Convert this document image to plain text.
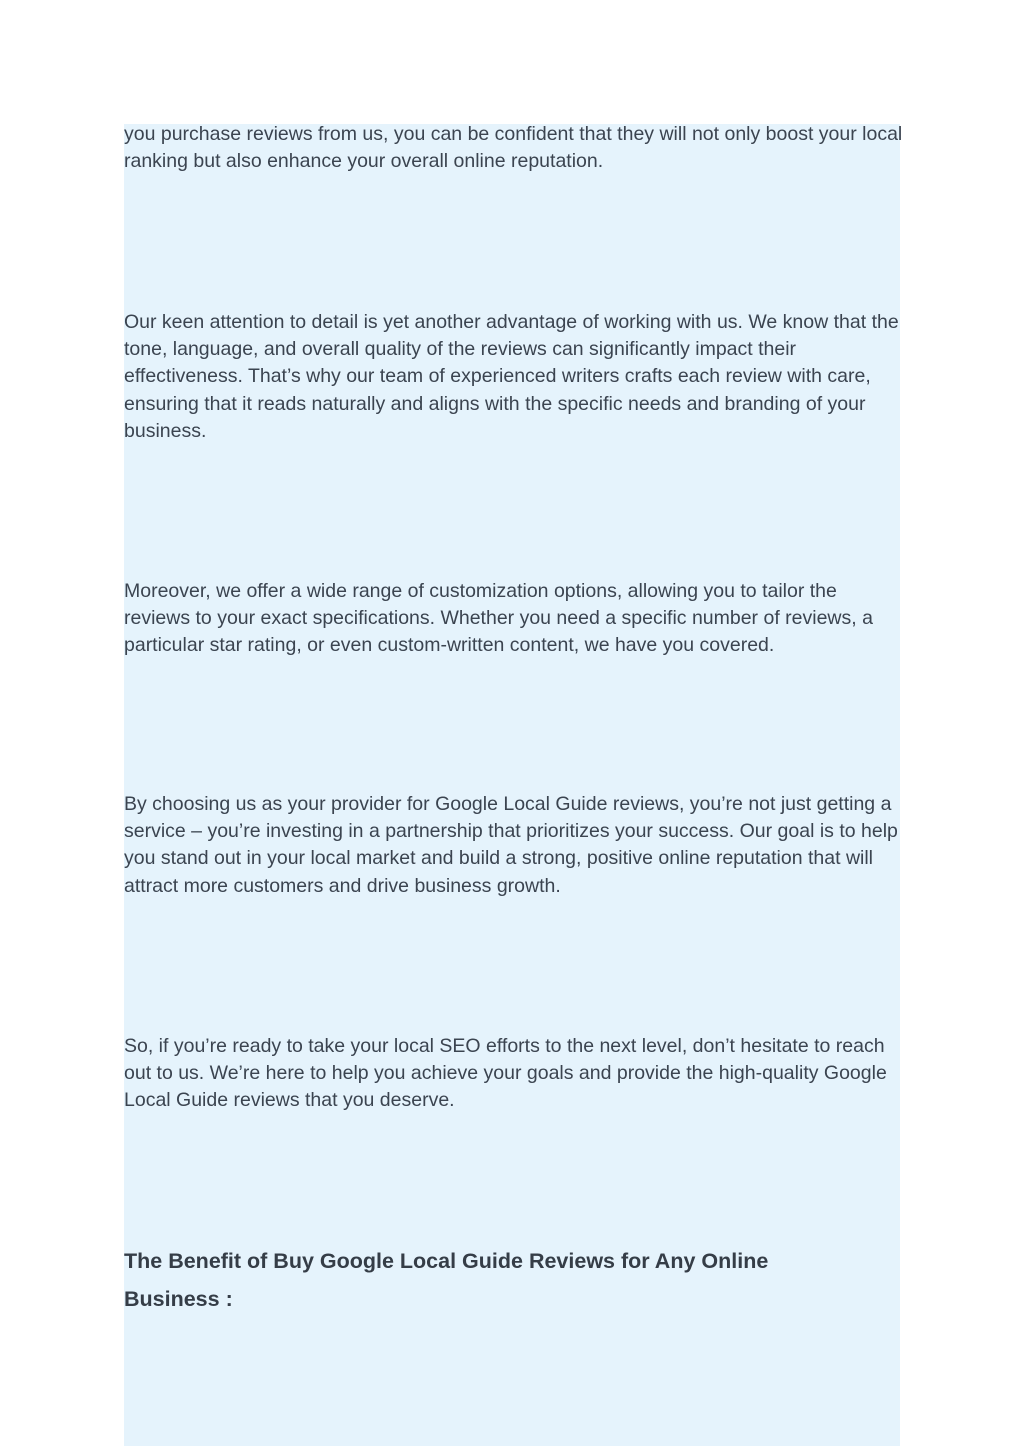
you purchase reviews from us, you can be confident that they will not only boost your local ranking but also enhance your overall online reputation.

Our keen attention to detail is yet another advantage of working with us. We know that the tone, language, and overall quality of the reviews can significantly impact their effectiveness. That’s why our team of experienced writers crafts each review with care, ensuring that it reads naturally and aligns with the specific needs and branding of your business.

Moreover, we offer a wide range of customization options, allowing you to tailor the reviews to your exact specifications. Whether you need a specific number of reviews, a particular star rating, or even custom-written content, we have you covered.

By choosing us as your provider for Google Local Guide reviews, you’re not just getting a service – you’re investing in a partnership that prioritizes your success. Our goal is to help you stand out in your local market and build a strong, positive online reputation that will attract more customers and drive business growth.

So, if you’re ready to take your local SEO efforts to the next level, don’t hesitate to reach out to us. We’re here to help you achieve your goals and provide the high-quality Google Local Guide reviews that you deserve.

The Benefit of Buy Google Local Guide Reviews for Any Online Business :
